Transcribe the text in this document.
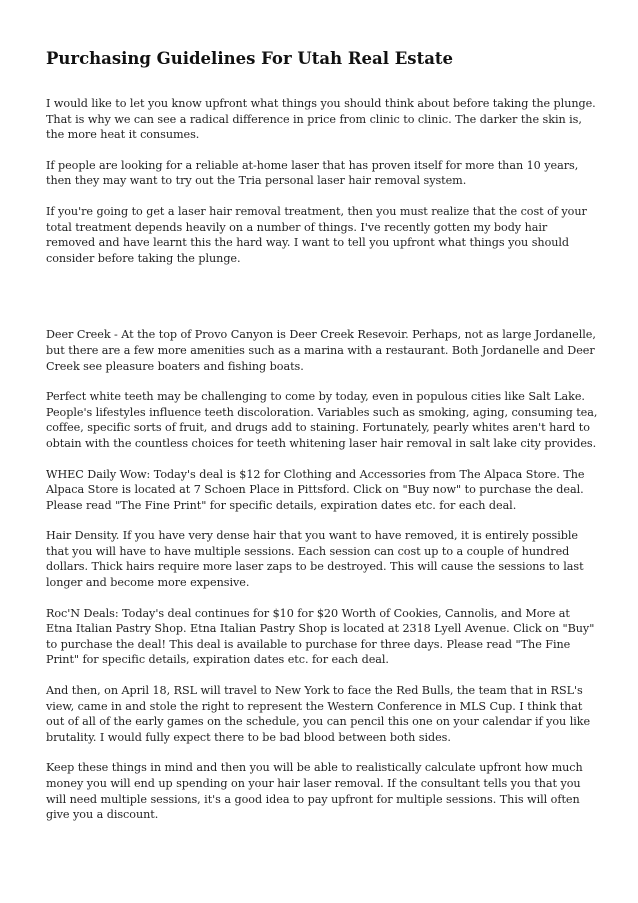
Purchasing Guidelines For Utah Real Estate

I would like to let you know upfront what things you should think about before taking the plunge. That is why we can see a radical difference in price from clinic to clinic. The darker the skin is, the more heat it consumes.

If people are looking for a reliable at-home laser that has proven itself for more than 10 years, then they may want to try out the Tria personal laser hair removal system.

If you're going to get a laser hair removal treatment, then you must realize that the cost of your total treatment depends heavily on a number of things. I've recently gotten my body hair removed and have learnt this the hard way. I want to tell you upfront what things you should consider before taking the plunge.

Deer Creek - At the top of Provo Canyon is Deer Creek Resevoir. Perhaps, not as large Jordanelle, but there are a few more amenities such as a marina with a restaurant. Both Jordanelle and Deer Creek see pleasure boaters and fishing boats.

Perfect white teeth may be challenging to come by today, even in populous cities like Salt Lake. People's lifestyles influence teeth discoloration. Variables such as smoking, aging, consuming tea, coffee, specific sorts of fruit, and drugs add to staining. Fortunately, pearly whites aren't hard to obtain with the countless choices for teeth whitening laser hair removal in salt lake city provides.

WHEC Daily Wow: Today's deal is $12 for Clothing and Accessories from The Alpaca Store. The Alpaca Store is located at 7 Schoen Place in Pittsford. Click on "Buy now" to purchase the deal. Please read "The Fine Print" for specific details, expiration dates etc. for each deal.

Hair Density. If you have very dense hair that you want to have removed, it is entirely possible that you will have to have multiple sessions. Each session can cost up to a couple of hundred dollars. Thick hairs require more laser zaps to be destroyed. This will cause the sessions to last longer and become more expensive.

Roc'N Deals: Today's deal continues for $10 for $20 Worth of Cookies, Cannolis, and More at Etna Italian Pastry Shop. Etna Italian Pastry Shop is located at 2318 Lyell Avenue. Click on "Buy" to purchase the deal! This deal is available to purchase for three days. Please read "The Fine Print" for specific details, expiration dates etc. for each deal.

And then, on April 18, RSL will travel to New York to face the Red Bulls, the team that in RSL's view, came in and stole the right to represent the Western Conference in MLS Cup. I think that out of all of the early games on the schedule, you can pencil this one on your calendar if you like brutality. I would fully expect there to be bad blood between both sides.

Keep these things in mind and then you will be able to realistically calculate upfront how much money you will end up spending on your hair laser removal. If the consultant tells you that you will need multiple sessions, it's a good idea to pay upfront for multiple sessions. This will often give you a discount.
